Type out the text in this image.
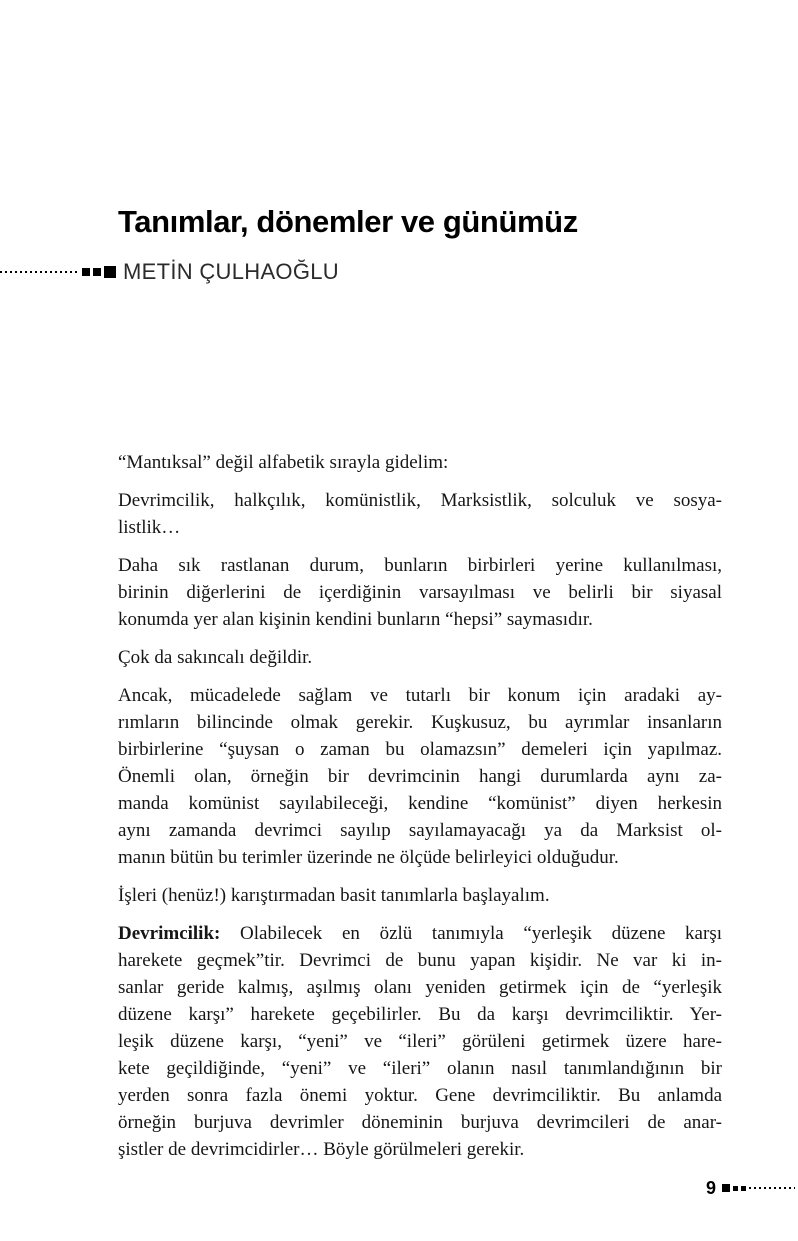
Tanımlar, dönemler ve günümüz
METİN ÇULHAOĞLU
“Mantıksal” değil alfabetik sırayla gidelim:
Devrimcilik, halkçılık, komünistlik, Marksistlik, solculuk ve sosya-
listlik…
Daha sık rastlanan durum, bunların birbirleri yerine kullanılması,
birinin diğerlerini de içerdiğinin varsayılması ve belirli bir siyasal
konumda yer alan kişinin kendini bunların “hepsi” saymasıdır.
Çok da sakıncalı değildir.
Ancak, mücadelede sağlam ve tutarlı bir konum için aradaki ay-
rımların bilincinde olmak gerekir. Kuşkusuz, bu ayrımlar insanların
birbirlerine “şuysan o zaman bu olamazsın” demeleri için yapılmaz.
Önemli olan, örneğin bir devrimcinin hangi durumlarda aynı za-
manda komünist sayılabileceği, kendine “komünist” diyen herkesin
aynı zamanda devrimci sayılıp sayılamayacağı ya da Marksist ol-
manın bütün bu terimler üzerinde ne ölçüde belirleyici olduğudur.
İşleri (henüz!) karıştırmadan basit tanımlarla başlayalım.
Devrimcilik: Olabilecek en özlü tanımıyla “yerleşik düzene karşı
harekete geçmek”tir. Devrimci de bunu yapan kişidir. Ne var ki in-
sanlar geride kalmış, aşılmış olanı yeniden getirmek için de “yerleşik
düzene karşı” harekete geçebilirler. Bu da karşı devrimciliktir. Yer-
leşik düzene karşı, “yeni” ve “ileri” görüleni getirmek üzere hare-
kete geçildiğinde, “yeni” ve “ileri” olanın nasıl tanımlandığının bir
yerden sonra fazla önemi yoktur. Gene devrimciliktir. Bu anlamda
örneğin burjuva devrimler döneminin burjuva devrimcileri de anar-
şistler de devrimcidirler… Böyle görülmeleri gerekir.
9
